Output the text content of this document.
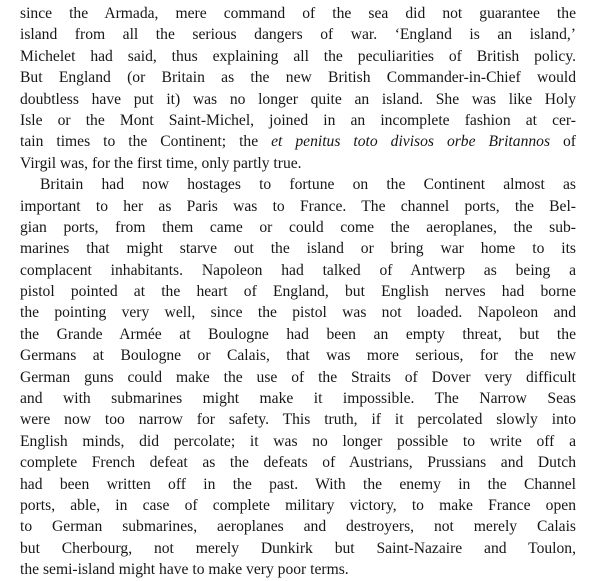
since the Armada, mere command of the sea did not guarantee the
island from all the serious dangers of war. ‘England is an island,’
Michelet had said, thus explaining all the peculiarities of British policy.
But England (or Britain as the new British Commander-in-Chief would
doubtless have put it) was no longer quite an island. She was like Holy
Isle or the Mont Saint-Michel, joined in an incomplete fashion at cer-
tain times to the Continent; the et penitus toto divisos orbe Britannos of
Virgil was, for the first time, only partly true.
Britain had now hostages to fortune on the Continent almost as
important to her as Paris was to France. The channel ports, the Bel-
gian ports, from them came or could come the aeroplanes, the sub-
marines that might starve out the island or bring war home to its
complacent inhabitants. Napoleon had talked of Antwerp as being a
pistol pointed at the heart of England, but English nerves had borne
the pointing very well, since the pistol was not loaded. Napoleon and
the Grande Armée at Boulogne had been an empty threat, but the
Germans at Boulogne or Calais, that was more serious, for the new
German guns could make the use of the Straits of Dover very difficult
and with submarines might make it impossible. The Narrow Seas
were now too narrow for safety. This truth, if it percolated slowly into
English minds, did percolate; it was no longer possible to write off a
complete French defeat as the defeats of Austrians, Prussians and Dutch
had been written off in the past. With the enemy in the Channel
ports, able, in case of complete military victory, to make France open
to German submarines, aeroplanes and destroyers, not merely Calais
but Cherbourg, not merely Dunkirk but Saint-Nazaire and Toulon,
the semi-island might have to make very poor terms.
